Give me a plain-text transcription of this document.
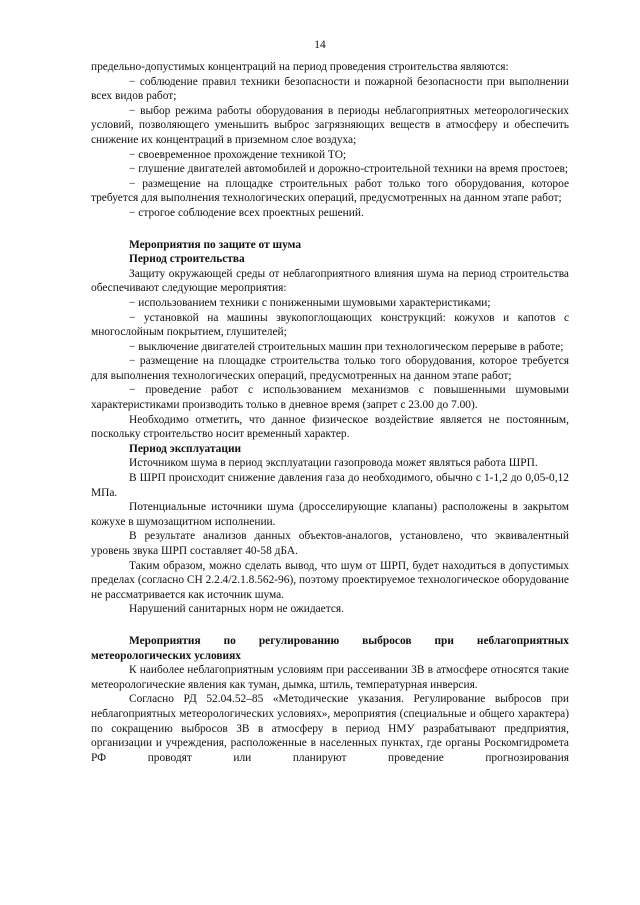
14

предельно-допустимых концентраций на период проведения строительства являются:

− соблюдение правил техники безопасности и пожарной безопасности при выполнении всех видов работ;

− выбор режима работы оборудования в периоды неблагоприятных метеорологических условий, позволяющего уменьшить выброс загрязняющих веществ в атмосферу и обеспечить снижение их концентраций в приземном слое воздуха;

− своевременное прохождение техникой ТО;

− глушение двигателей автомобилей и дорожно-строительной техники на время простоев;

− размещение на площадке строительных работ только того оборудования, которое требуется для выполнения технологических операций, предусмотренных на данном этапе работ;

− строгое соблюдение всех проектных решений.

Мероприятия по защите от шума

Период строительства

Защиту окружающей среды от неблагоприятного влияния шума на период строительства обеспечивают следующие мероприятия:

− использованием техники с пониженными шумовыми характеристиками;

− установкой на машины звукопоглощающих конструкций: кожухов и капотов с многослойным покрытием, глушителей;

− выключение двигателей строительных машин при технологическом перерыве в работе;

− размещение на площадке строительства только того оборудования, которое требуется для выполнения технологических операций, предусмотренных на данном этапе работ;

− проведение работ с использованием механизмов с повышенными шумовыми характеристиками производить только в дневное время (запрет с 23.00 до 7.00).

Необходимо отметить, что данное физическое воздействие является не постоянным, поскольку строительство носит временный характер.

Период эксплуатации

Источником шума в период эксплуатации газопровода может являться работа ШРП.

В ШРП происходит снижение давления газа до необходимого, обычно с 1-1,2 до 0,05-0,12 МПа.

Потенциальные источники шума (дросселирующие клапаны) расположены в закрытом кожухе в шумозащитном исполнении.

В результате анализов данных объектов-аналогов, установлено, что эквивалентный уровень звука ШРП составляет 40-58 дБА.

Таким образом, можно сделать вывод, что шум от ШРП, будет находиться в допустимых пределах (согласно СН 2.2.4/2.1.8.562-96), поэтому проектируемое технологическое оборудование не рассматривается как источник шума.

Нарушений санитарных норм не ожидается.

Мероприятия по регулированию выбросов при неблагоприятных метеорологических условиях

К наиболее неблагоприятным условиям при рассеивании ЗВ в атмосфере относятся такие метеорологические явления как туман, дымка, штиль, температурная инверсия.

Согласно РД 52.04.52–85 «Методические указания. Регулирование выбросов при неблагоприятных метеорологических условиях», мероприятия (специальные и общего характера) по сокращению выбросов ЗВ в атмосферу в период НМУ разрабатывают предприятия, организации и учреждения, расположенные в населенных пунктах, где органы Роскомгидромета РФ проводят или планируют проведение прогнозирования
